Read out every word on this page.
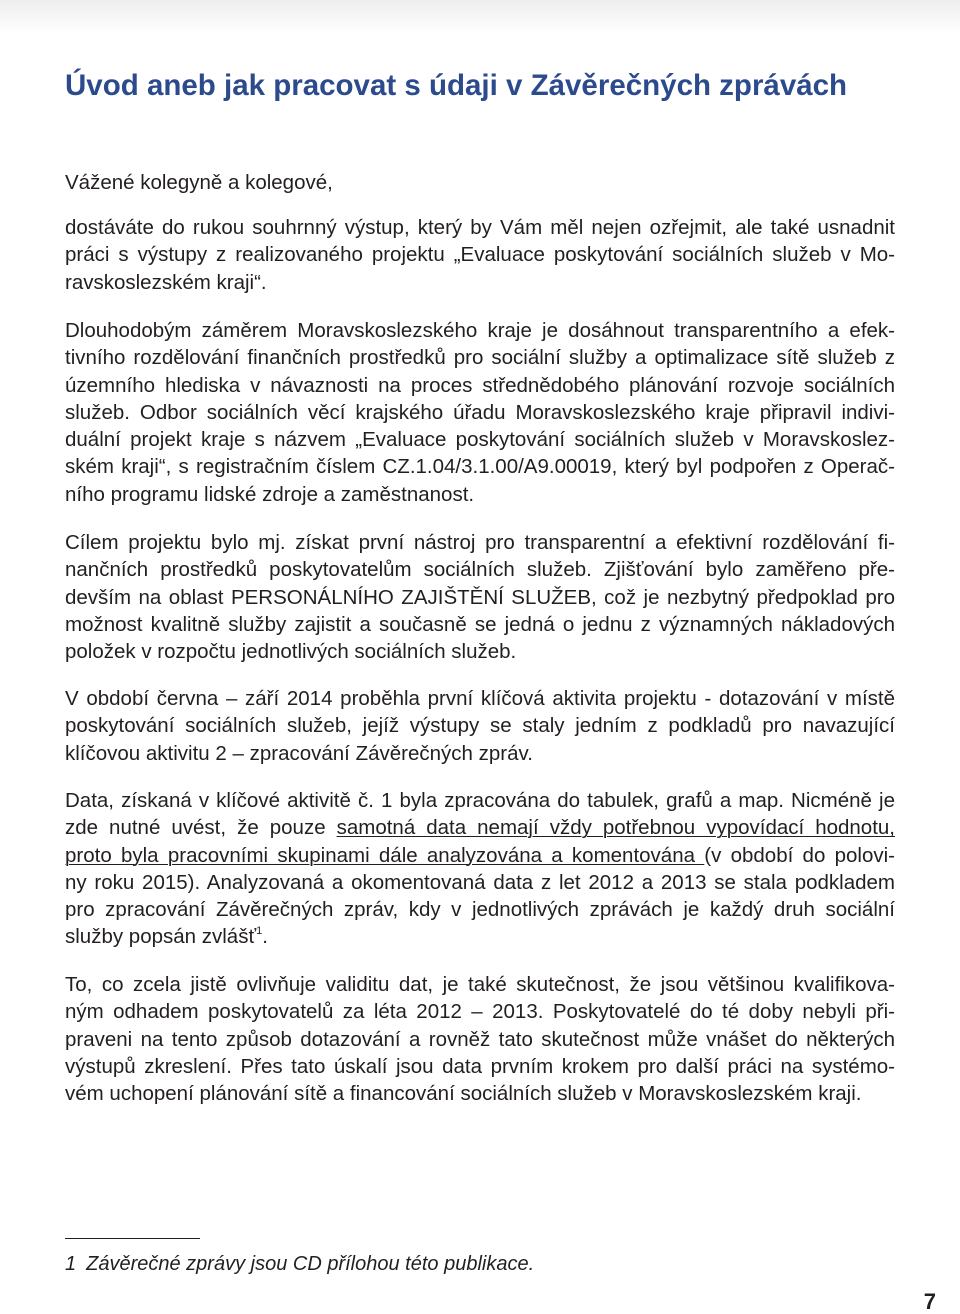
Úvod aneb jak pracovat s údaji v Závěrečných zprávách
Vážené kolegyně a kolegové,
dostáváte do rukou souhrnný výstup, který by Vám měl nejen ozřejmit, ale také usnadnit
práci s výstupy z realizovaného projektu „Evaluace poskytování sociálních služeb v Mo-
ravskoslezském kraji“.
Dlouhodobým záměrem Moravskoslezského kraje je dosáhnout transparentního a efek-
tivního rozdělování finančních prostředků pro sociální služby a optimalizace sítě služeb z
územního hlediska v návaznosti na proces střednědobého plánování rozvoje sociálních
služeb. Odbor sociálních věcí krajského úřadu Moravskoslezského kraje připravil indivi-
duální projekt kraje s názvem „Evaluace poskytování sociálních služeb v Moravskoslez-
ském kraji“, s registračním číslem CZ.1.04/3.1.00/A9.00019, který byl podpořen z Operač-
ního programu lidské zdroje a zaměstnanost.
Cílem projektu bylo mj. získat první nástroj pro transparentní a efektivní rozdělování fi-
nančních prostředků poskytovatelům sociálních služeb. Zjišťování bylo zaměřeno pře-
devším na oblast PERSONÁLNÍHO ZAJIŠTĚNÍ SLUŽEB, což je nezbytný předpoklad pro
možnost kvalitně služby zajistit a současně se jedná o jednu z významných nákladových
položek v rozpočtu jednotlivých sociálních služeb.
V období června – září 2014 proběhla první klíčová aktivita projektu - dotazování v místě
poskytování sociálních služeb, jejíž výstupy se staly jedním z podkladů pro navazující
klíčovou aktivitu 2 – zpracování Závěrečných zpráv.
Data, získaná v klíčové aktivitě č. 1 byla zpracována do tabulek, grafů a map. Nicméně je
zde nutné uvést, že pouze samotná data nemají vždy potřebnou vypovídací hodnotu,
proto byla pracovními skupinami dále analyzována a komentována (v období do polovi-
ny roku 2015). Analyzovaná a okomentovaná data z let 2012 a 2013 se stala podkladem
pro zpracování Závěrečných zpráv, kdy v jednotlivých zprávách je každý druh sociální
služby popsán zvlášť$^1$.
To, co zcela jistě ovlivňuje validitu dat, je také skutečnost, že jsou většinou kvalifikova-
ným odhadem poskytovatelů za léta 2012 – 2013. Poskytovatelé do té doby nebyli při-
praveni na tento způsob dotazování a rovněž tato skutečnost může vnášet do některých
výstupů zkreslení. Přes tato úskalí jsou data prvním krokem pro další práci na systémo-
vém uchopení plánování sítě a financování sociálních služeb v Moravskoslezském kraji.
1 Závěrečné zprávy jsou CD přílohou této publikace.
7
